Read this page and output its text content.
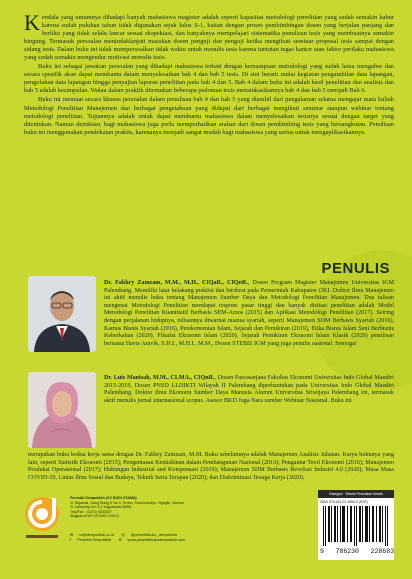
Kendala yang umumnya dihadapi banyak mahasiswa magister adalah seperti kapasitas metodologi penelitian yang sudah semakin kabur karena sudah puluhan tahun tidak digunakan sejak lulus S-1, kaitan dengan proses pembimbingan dosen yang berjalan panjang dan berliku yang tidak selalu lancar sesuai ekspektasi, dan banyaknya mempelajari sistematika penulisan tesis yang membuatnya semakin bingung. Termasuk persoalan menindaklanjuti masukan dosen penguji dan penguji ketika mengikuti seminar proposal tesis sampai dengan sidang tesis. Dalam buku ini tidak mempersoalkan tidak waktu untuk menulis tesis karena tuntutan tugas kantor atau faktor perilaku mahasiswa yang sudah semakin mengendur motivasi menulis tesis.

Buku ini sebagai jawaban persoalan yang dihadapi mahasiswa terkait dengan kemampuan metodologi yang sudah lama mengabur dan secara spesifik akan dapat membantu dalam menyelesaikan bab 4 dan bab 5 tesis. Di sini berarti mulai kegiatan pengambilan data lapangan, pengolahan data lapangan hingga penyajian laporan penelitian pada bab 4 dan 5. Bab 4 dalam buku ini adalah hasil penelitian dan analisis dan bab 5 adalah kesimpulan. Walau dalam praktik ditemukan beberapa pedoman tesis mensinkasikannya bab 4 dan bab 5 menjadi Bab 6.

Buku ini memuat secara khusus persoalan dalam penulisan bab 4 dan bab 5 yang diambil dari pengalaman selama mengajar mata kuliah Metodologi Penelitian Manajemen dan berbagai pengetahuan yang didapat dari berbagai mengikuti seminar ataupun webinar tentang metodologi penelitian. Tujuannya adalah untuk dapat membantu mahasiswa dalam menyelesaikan tesisnya sesuai dengan target yang ditentukan. Namun demikian, bagi mahasiswa juga perlu memperhatikan arahan dari dosen pembimbing tesis yang bersangkutan. Penulisan buku ini menggunakan pendekatan praktis, karenanya menjadi sangat mudah bagi mahasiswa yang serius untuk mengaplikasikannya.

PENULIS
Dr. Fakhry Zamzam, M.M., M.H., CIQaR., CIQnR., Dosen Program Magister Manajemen Universitas IGM Palembang. Memiliki latar belakang praktisi dan birokrat pada Pemerintah Kabupaten OKI. Doktor Ilmu Manajemen ini aktif menulis buku tentang Manajemen Sumber Daya dan Metodologi Penelitian Manajemen. Dua tulisan mengenai Metodologi Penelitian mendapat respons pasar tinggi dan banyak disitasi penelitian adalah Model Metodologi Penelitian Kuantitatif Berbasis SEM-Amos (2015) dan Aplikasi Metodologi Penelitian (2017). Seiring dengan perjalanan hidupnya, tulisannya diwarnai nuansa syariah, seperti Manajemen SDM Berbasis Syariah (2016), Kamus Bisnis Syariah (2016), Perekonomian Islam, Sejarah dan Pemikiran (2019), Etika Bisnis Islam Seni Berbisnis Keberkahan (2020), Filsafat Ekonomi Islam (2020), Sejarah Pemikiran Ekonomi Islam Klasik (2020) penulisan bersama Havis Aravik, S.H.I., M.H.I., M.M., Dosen STEBIS IGM yang juga penulis nasional. Semoga!
Dr. Luis Manisah, M.M., CLMA., CIQnR., Dosen Pascasarjana Fakultas Ekonomi Universitas Indo Global Mandiri 2015-2019, Dosen PNSD LLDIKTI Wilayah II Palembang diperbantukan pada Universitas Indo Global Mandiri Palembang. Doktor Ilmu Ekonomi Sumber Daya Manusia Alumni Universitas Sriwijaya Palembang ini, termasuk aktif menulis jurnal internasional scopus. Asesor BKD Juga Nara sumber Webinar Nasional. Buku ini
merupakan buku kedua kerja sama dengan Dr. Fakhry Zamzam, M.M. Buku sebelumnya adalah Manajemen Analisis Jabatan. Karya bukunya yang lain, seperti Statistik Ekonomi (2015); Pengentasan Kemiskinan dalam Pembangunan Nasional (2016); Pengantar Teori Ekonomi (2016); Manajemen Produksi Operasional (2017); Hubungan Industrial and Kompensasi (2019); Manajemen SDM Berbasis Revolusi Industri 4.0 (2020); Masa Masa COVID-19, Lintas Ilmu Sosial dan Budaya, Teknik Serta Terapan (2020); dan Diskriminasi Tenaga Kerja (2020).
Penerbit Deepublish (CV BUDI UTAMA)
Jl. Rajawali, Gang Elang 6 No.3, Drono, Sardonoharjo, Ngaglik, Sleman
Jl. Kaliurang Km.9,3 Yogyakarta 55581
Telp/Fax : (0274) 4533427
Anggota IKAPI (076/DIY/2012)
✉ cs@deepublish.co.id ◎ @penerbitbuku_deepublish
f Penerbit Deepublish ⊕ www.penerbitbukudeepublish.com
Kategori : Teknik Penulisan Ilmiah
ISBN 978-623-02-2866-5 (PDF)
9 786230 228683
